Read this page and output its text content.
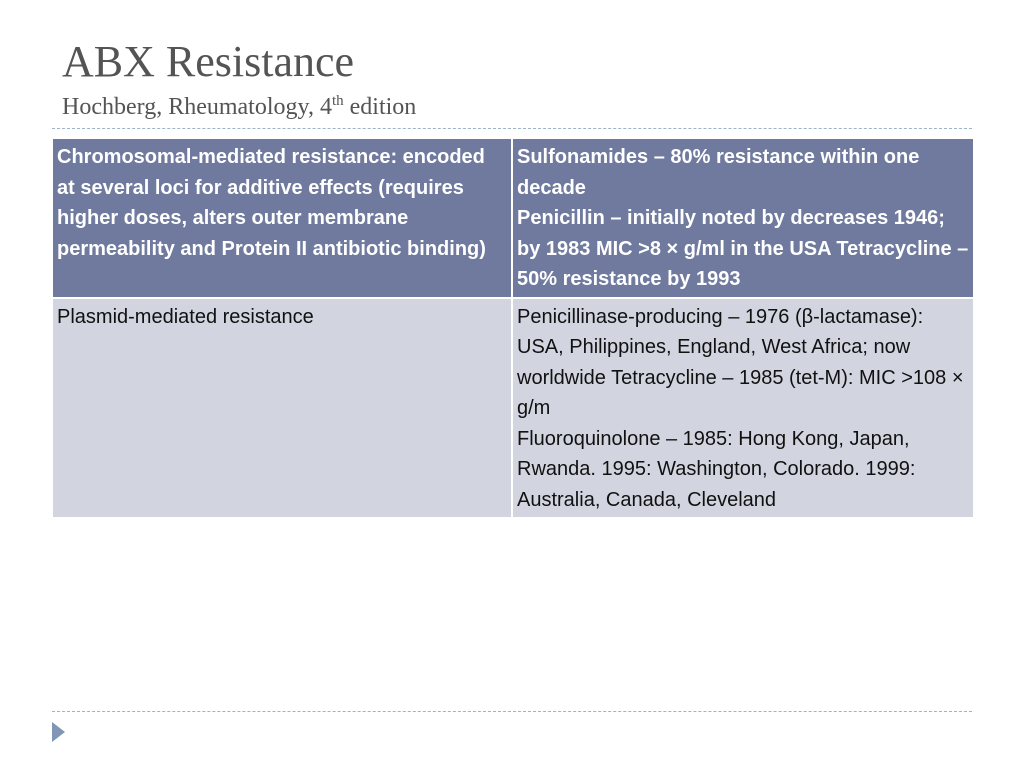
ABX Resistance
Hochberg, Rheumatology, 4th edition
Chromosomal-mediated resistance: encoded at several loci for additive effects (requires higher doses, alters outer membrane permeability and Protein II antibiotic binding)	Sulfonamides – 80% resistance within one decade
Penicillin – initially noted by decreases 1946; by 1983 MIC >8 × g/ml in the USA Tetracycline – 50% resistance by 1993

Plasmid-mediated resistance	Penicillinase-producing – 1976 (β-lactamase): USA, Philippines, England, West Africa; now worldwide Tetracycline – 1985 (tet-M): MIC >108 × g/m
Fluoroquinolone – 1985: Hong Kong, Japan, Rwanda. 1995: Washington, Colorado. 1999: Australia, Canada, Cleveland
